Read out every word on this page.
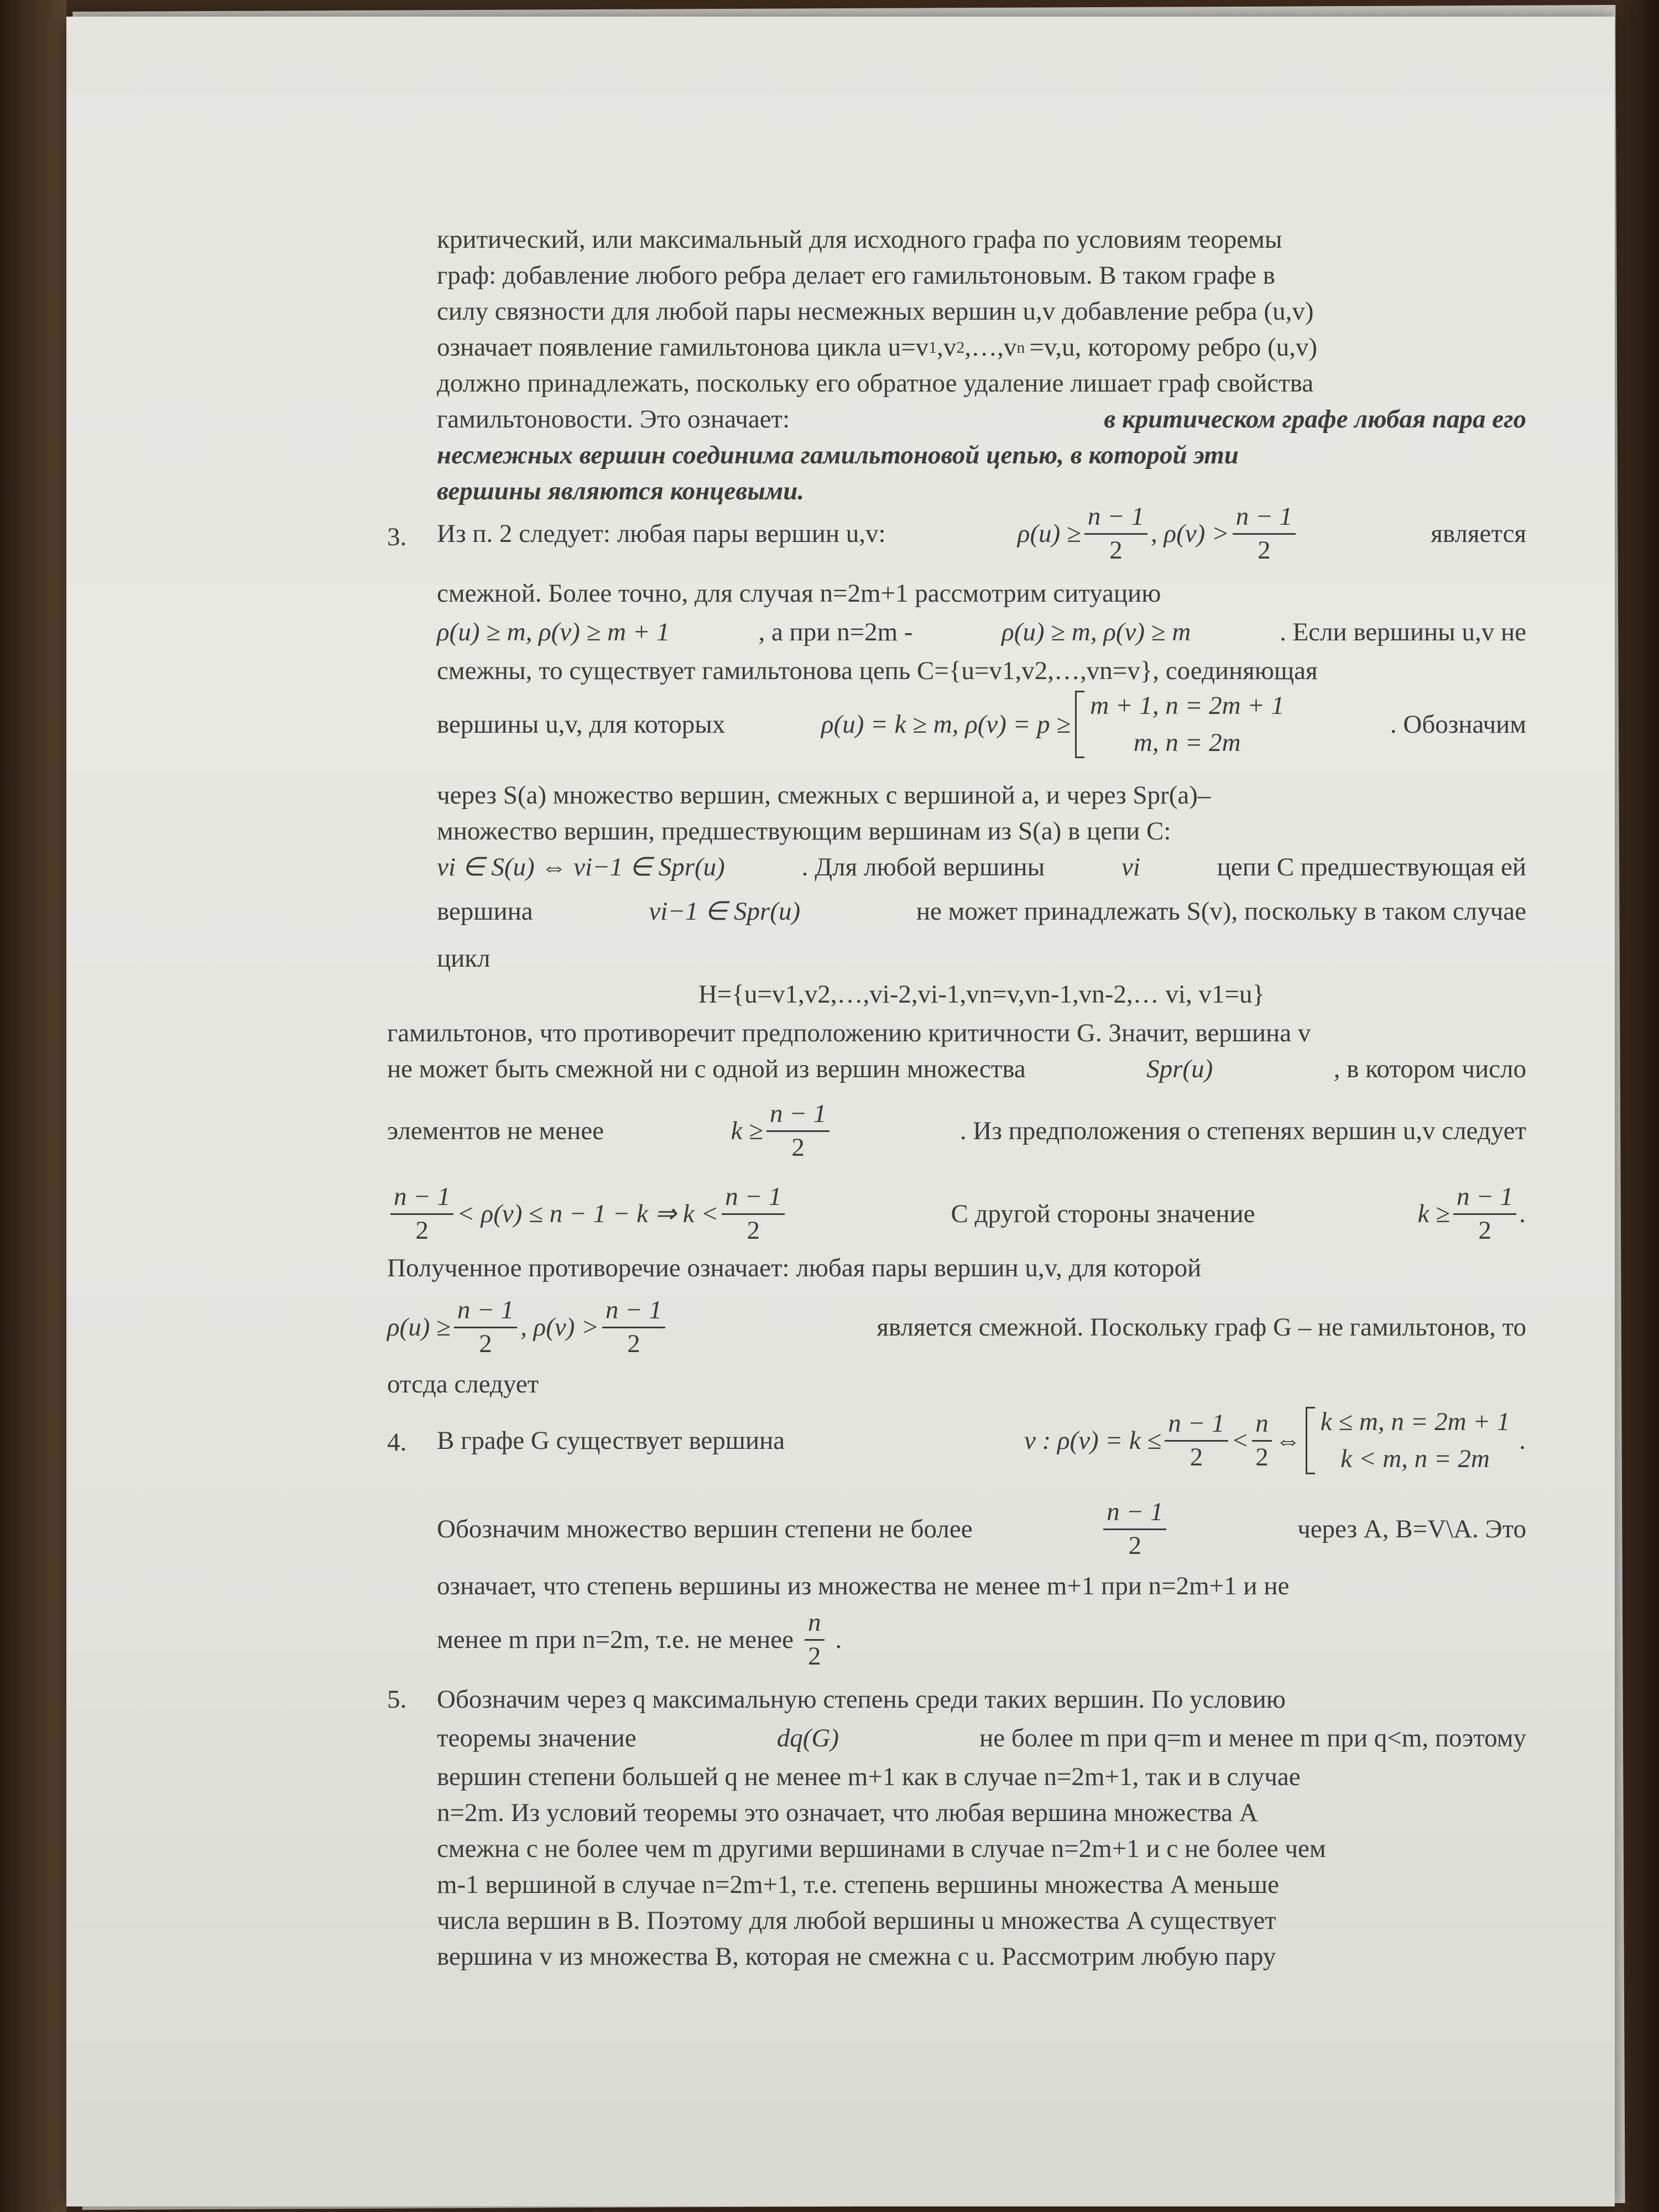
критический, или максимальный для исходного графа по условиям теоремы
граф: добавление любого ребра делает его гамильтоновым. В таком графе в
силу связности для любой пары несмежных вершин u,v добавление ребра (u,v)
означает появление гамильтонова цикла u=v 1 ,v 2 ,…,v n =v,u, которому ребро (u,v)
должно принадлежать, поскольку его обратное удаление лишает граф свойства
гамильтоновости. Это означает:	в критическом графе любая пара его
несмежных вершин соединима гамильтоновой цепью, в которой эти
вершины являются концевыми.
3. Из п. 2 следует: любая пары вершин u,v:	$\rho(u) \ge \frac{n - 1}{2}$ , $\rho(v) > \frac{n - 1}{2}$	является
смежной. Более точно, для случая n=2m+1 рассмотрим ситуацию
ρ(u) ≥ m, ρ(v) ≥ m + 1	, а при n=2m -	ρ(u) ≥ m, ρ(v) ≥ m	. Если вершины u,v не
смежны, то существует гамильтонова цепь C={u=v1,v2,…,vn=v}, соединяющая
вершины u,v, для которых	ρ(u) = k ≥ m, ρ(v) = p ≥
m + 1, n = 2m + 1
m, n = 2m
. Обозначим
через S(a) множество вершин, смежных с вершиной a, и через Spr(a)–
множество вершин, предшествующим вершинам из S(a) в цепи C:
vi ∈ S(u) ⇔ vi−1 ∈ Spr(u)	. Для любой вершины	vi	цепи C предшествующая ей
вершина	vi−1 ∈ Spr(u)	не может принадлежать S(v), поскольку в таком случае
цикл
H={u=v1,v2,…,vi-2,vi-1,vn=v,vn-1,vn-2,… vi, v1=u}
гамильтонов, что противоречит предположению критичности G. Значит, вершина v
не может быть смежной ни с одной из вершин множества	Spr(u)	, в котором число
элементов не менее	$k \ge \frac{n - 1}{2}$	. Из предположения о степенях вершин u,v следует
$\frac{n - 1}{2} < \rho(v) \le n - 1 - k$ ⇒ $k < \frac{n - 1}{2}$	С другой стороны значение	$k \ge \frac{n - 1}{2}$ .
Полученное противоречие означает: любая пары вершин u,v, для которой
$\rho(u) \ge \frac{n - 1}{2}$ , $\rho(v) > \frac{n - 1}{2}$	является смежной. Поскольку граф G – не гамильтонов, то
отсда следует
4. В графе G существует вершина	v : $\rho(v) = k \le \frac{n - 1}{2} < \frac{n}{2}$ ⇔
k ≤ m, n = 2m + 1
k < m, n = 2m
.
Обозначим множество вершин степени не более	$\frac{n - 1}{2}$	через A, B=V\A. Это
означает, что степень вершины из множества не менее m+1 при n=2m+1 и не
менее m при n=2m, т.е. не менее $\frac{n}{2}$ .
5. Обозначим через q максимальную степень среди таких вершин. По условию
теоремы значение	dq(G)	не более m при q=m и менее m при q<m, поэтому
вершин степени большей q не менее m+1 как в случае n=2m+1, так и в случае
n=2m. Из условий теоремы это означает, что любая вершина множества A
смежна с не более чем m другими вершинами в случае n=2m+1 и с не более чем
m-1 вершиной в случае n=2m+1, т.е. степень вершины множества A меньше
числа вершин в B. Поэтому для любой вершины u множества A существует
вершина v из множества B, которая не смежна с u. Рассмотрим любую пару
